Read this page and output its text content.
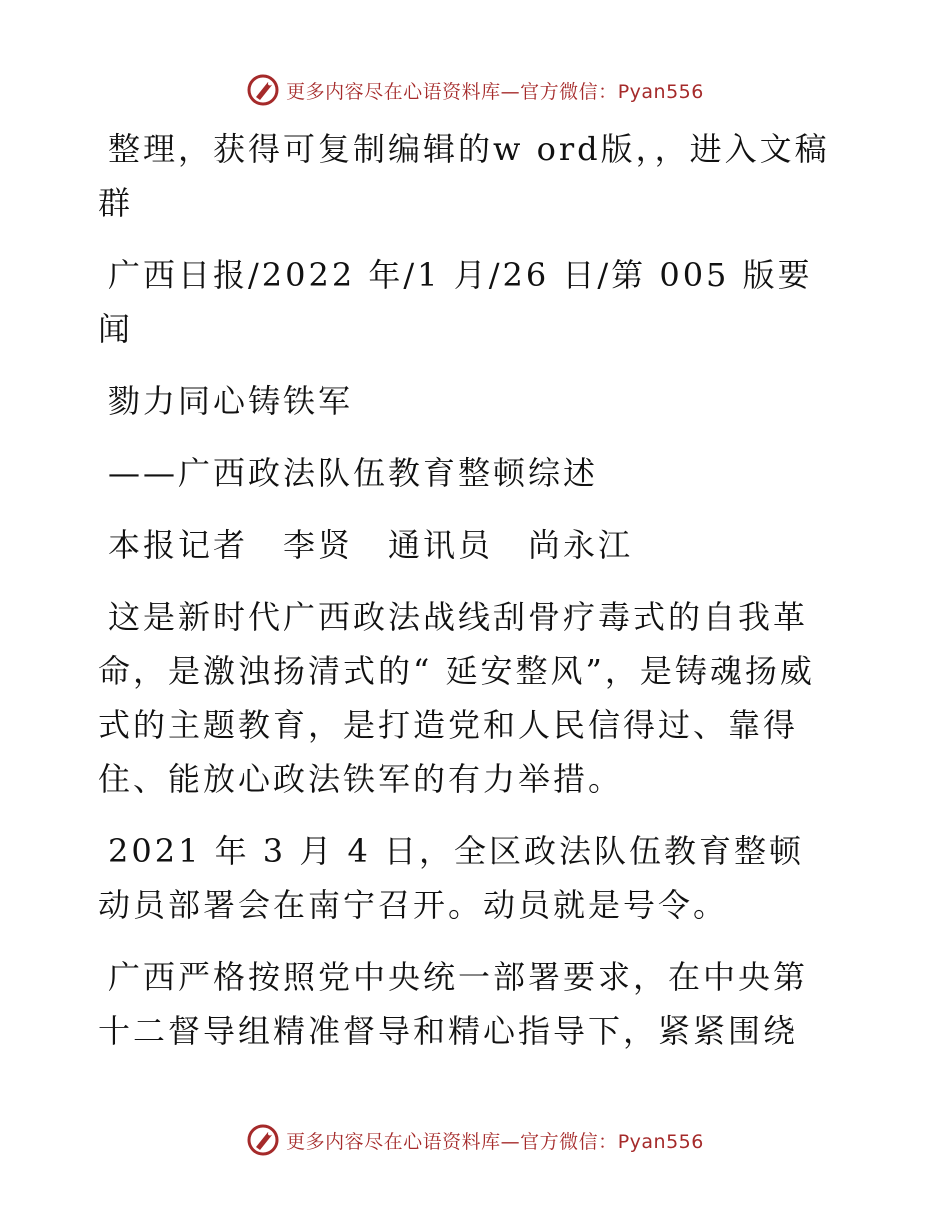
更多内容尽在心语资料库—官方微信：Pyan556

整理，获得可复制编辑的w ord版，，进入文稿群

广西日报/2022 年/1 月/26 日/第 005 版要闻

勠力同心铸铁军

——广西政法队伍教育整顿综述

本报记者　李贤　通讯员　尚永江

这是新时代广西政法战线刮骨疗毒式的自我革命，是激浊扬清式的“ 延安整风”，是铸魂扬威式的主题教育，是打造党和人民信得过、靠得住、能放心政法铁军的有力举措。

2021 年 3 月 4 日，全区政法队伍教育整顿动员部署会在南宁召开。动员就是号令。

广西严格按照党中央统一部署要求，在中央第十二督导组精准督导和精心指导下，紧紧围绕

更多内容尽在心语资料库—官方微信：Pyan556
